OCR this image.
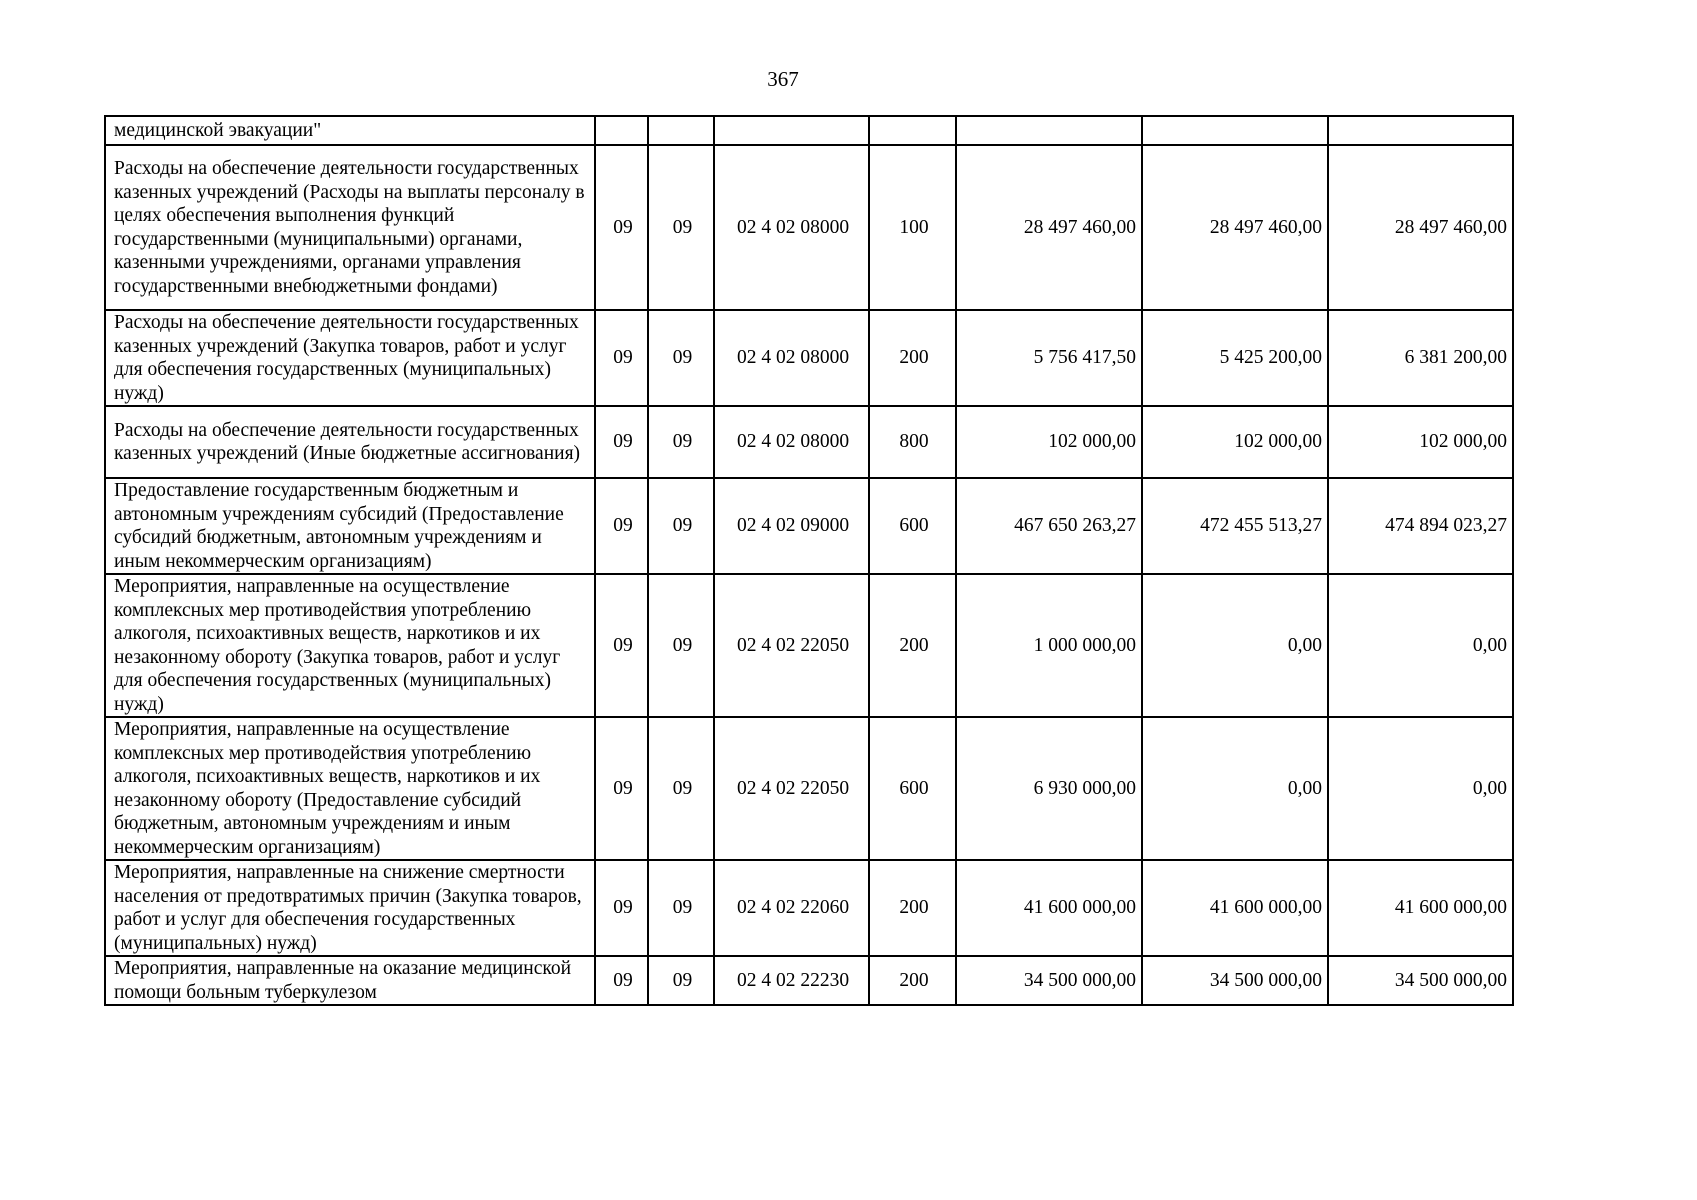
367
медицинской эвакуации"							
Расходы на обеспечение деятельности государственных казенных учреждений (Расходы на выплаты персоналу в целях обеспечения выполнения функций государственными (муниципальными) органами, казенными учреждениями, органами управления государственными внебюджетными фондами)	09	09	02 4 02 08000	100	28 497 460,00	28 497 460,00	28 497 460,00
Расходы на обеспечение деятельности государственных казенных учреждений (Закупка товаров, работ и услуг для обеспечения государственных (муниципальных) нужд)	09	09	02 4 02 08000	200	5 756 417,50	5 425 200,00	6 381 200,00
Расходы на обеспечение деятельности государственных казенных учреждений (Иные бюджетные ассигнования)	09	09	02 4 02 08000	800	102 000,00	102 000,00	102 000,00
Предоставление государственным бюджетным и автономным учреждениям субсидий (Предоставление субсидий бюджетным, автономным учреждениям и иным некоммерческим организациям)	09	09	02 4 02 09000	600	467 650 263,27	472 455 513,27	474 894 023,27
Мероприятия, направленные на осуществление комплексных мер противодействия употреблению алкоголя, психоактивных веществ, наркотиков и их незаконному обороту (Закупка товаров, работ и услуг для обеспечения государственных (муниципальных) нужд)	09	09	02 4 02 22050	200	1 000 000,00	0,00	0,00
Мероприятия, направленные на осуществление комплексных мер противодействия употреблению алкоголя, психоактивных веществ, наркотиков и их незаконному обороту (Предоставление субсидий бюджетным, автономным учреждениям и иным некоммерческим организациям)	09	09	02 4 02 22050	600	6 930 000,00	0,00	0,00
Мероприятия, направленные на снижение смертности населения от предотвратимых причин (Закупка товаров, работ и услуг для обеспечения государственных (муниципальных) нужд)	09	09	02 4 02 22060	200	41 600 000,00	41 600 000,00	41 600 000,00
Мероприятия, направленные на оказание медицинской помощи больным туберкулезом	09	09	02 4 02 22230	200	34 500 000,00	34 500 000,00	34 500 000,00
